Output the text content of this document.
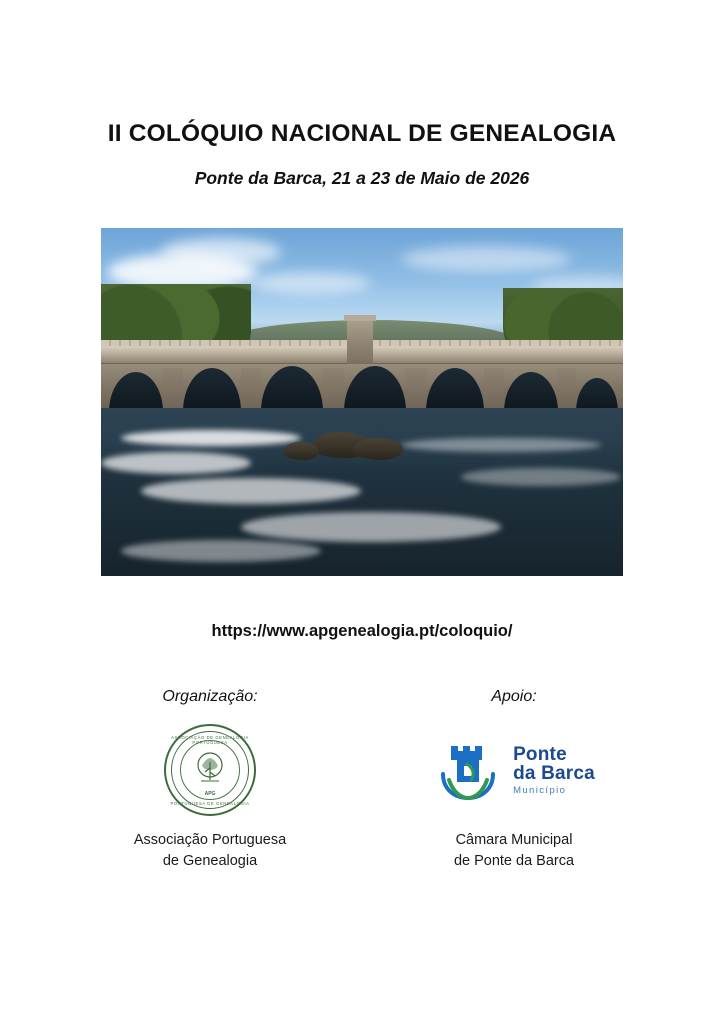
II COLÓQUIO NACIONAL DE GENEALOGIA
Ponte da Barca, 21 a 23 de Maio de 2026
https://www.apgenealogia.pt/coloquio/
Organização:
ASSOCIAÇÃO DE GENEALOGIA PORTUGUESA
APG
PORTUGUESA DE GENEALOGIA
Associação Portuguesa
de Genealogia
Apoio:
Ponte
da Barca
Município
Câmara Municipal
de Ponte da Barca
